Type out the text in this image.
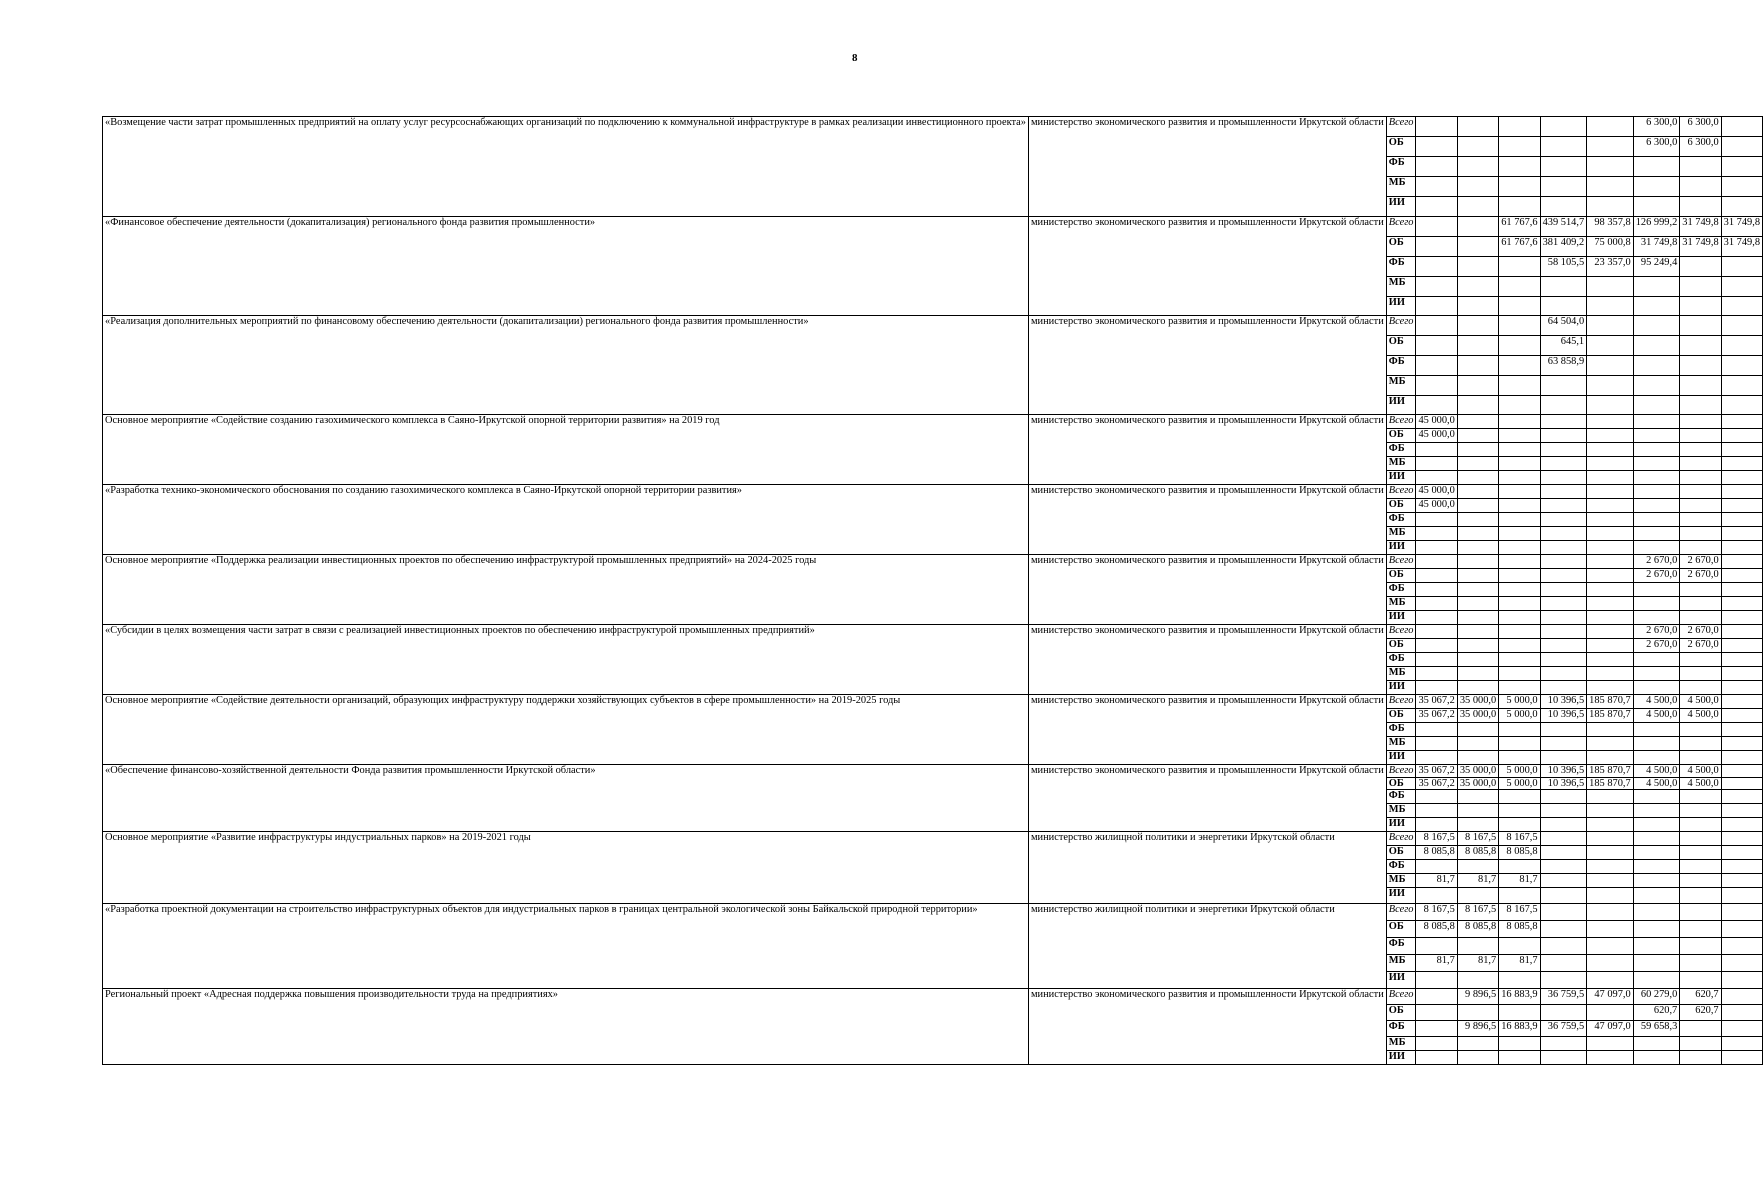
8
«Возмещение части затрат промышленных предприятий на оплату услуг ресурсоснабжающих организаций по подключению к коммунальной инфраструктуре в рамках реализации инвестиционного проекта»	министерство экономического развития и промышленности Иркутской области	Всего						6 300,0	6 300,0	
		ОБ						6 300,0	6 300,0	
		ФБ								
		МБ								
		ИИ								
«Финансовое обеспечение деятельности (докапитализация) регионального фонда развития промышленности»	министерство экономического развития и промышленности Иркутской области	Всего			61 767,6	439 514,7	98 357,8	126 999,2	31 749,8	31 749,8
		ОБ			61 767,6	381 409,2	75 000,8	31 749,8	31 749,8	31 749,8
		ФБ				58 105,5	23 357,0	95 249,4		
		МБ								
		ИИ								
«Реализация дополнительных мероприятий по финансовому обеспечению деятельности (докапитализации) регионального фонда развития промышленности»	министерство экономического развития и промышленности Иркутской области	Всего				64 504,0				
		ОБ				645,1				
		ФБ				63 858,9				
		МБ								
		ИИ								
Основное мероприятие «Содействие созданию газохимического комплекса в Саяно-Иркутской опорной территории развития» на 2019 год	министерство экономического развития и промышленности Иркутской области	Всего	45 000,0							
		ОБ	45 000,0							
		ФБ								
		МБ								
		ИИ								
«Разработка технико-экономического обоснования по созданию газохимического комплекса в Саяно-Иркутской опорной территории развития»	министерство экономического развития и промышленности Иркутской области	Всего	45 000,0							
		ОБ	45 000,0							
		ФБ								
		МБ								
		ИИ								
Основное мероприятие «Поддержка реализации инвестиционных проектов по обеспечению инфраструктурой промышленных предприятий» на 2024-2025 годы	министерство экономического развития и промышленности Иркутской области	Всего						2 670,0	2 670,0	
		ОБ						2 670,0	2 670,0	
		ФБ								
		МБ								
		ИИ								
«Субсидии в целях возмещения части затрат в связи с реализацией инвестиционных проектов по обеспечению инфраструктурой промышленных предприятий»	министерство экономического развития и промышленности Иркутской области	Всего						2 670,0	2 670,0	
		ОБ						2 670,0	2 670,0	
		ФБ								
		МБ								
		ИИ								
Основное мероприятие «Содействие деятельности организаций, образующих инфраструктуру поддержки хозяйствующих субъектов в сфере промышленности» на 2019-2025 годы	министерство экономического развития и промышленности Иркутской области	Всего	35 067,2	35 000,0	5 000,0	10 396,5	185 870,7	4 500,0	4 500,0	
		ОБ	35 067,2	35 000,0	5 000,0	10 396,5	185 870,7	4 500,0	4 500,0	
		ФБ								
		МБ								
		ИИ								
«Обеспечение финансово-хозяйственной деятельности Фонда развития промышленности Иркутской области»	министерство экономического развития и промышленности Иркутской области	Всего	35 067,2	35 000,0	5 000,0	10 396,5	185 870,7	4 500,0	4 500,0	
		ОБ	35 067,2	35 000,0	5 000,0	10 396,5	185 870,7	4 500,0	4 500,0	
		ФБ								
		МБ								
		ИИ								
Основное мероприятие «Развитие инфраструктуры индустриальных парков» на 2019-2021 годы	министерство жилищной политики и энергетики Иркутской области	Всего	8 167,5	8 167,5	8 167,5					
		ОБ	8 085,8	8 085,8	8 085,8					
		ФБ								
		МБ	81,7	81,7	81,7					
		ИИ								
«Разработка проектной документации на строительство инфраструктурных объектов для индустриальных парков в границах центральной экологической зоны Байкальской природной территории»	министерство жилищной политики и энергетики Иркутской области	Всего	8 167,5	8 167,5	8 167,5					
		ОБ	8 085,8	8 085,8	8 085,8					
		ФБ								
		МБ	81,7	81,7	81,7					
		ИИ								
Региональный проект «Адресная поддержка повышения производительности труда на предприятиях»	министерство экономического развития и промышленности Иркутской области	Всего		9 896,5	16 883,9	36 759,5	47 097,0	60 279,0	620,7	
		ОБ						620,7	620,7	
		ФБ		9 896,5	16 883,9	36 759,5	47 097,0	59 658,3		
		МБ								
		ИИ								
